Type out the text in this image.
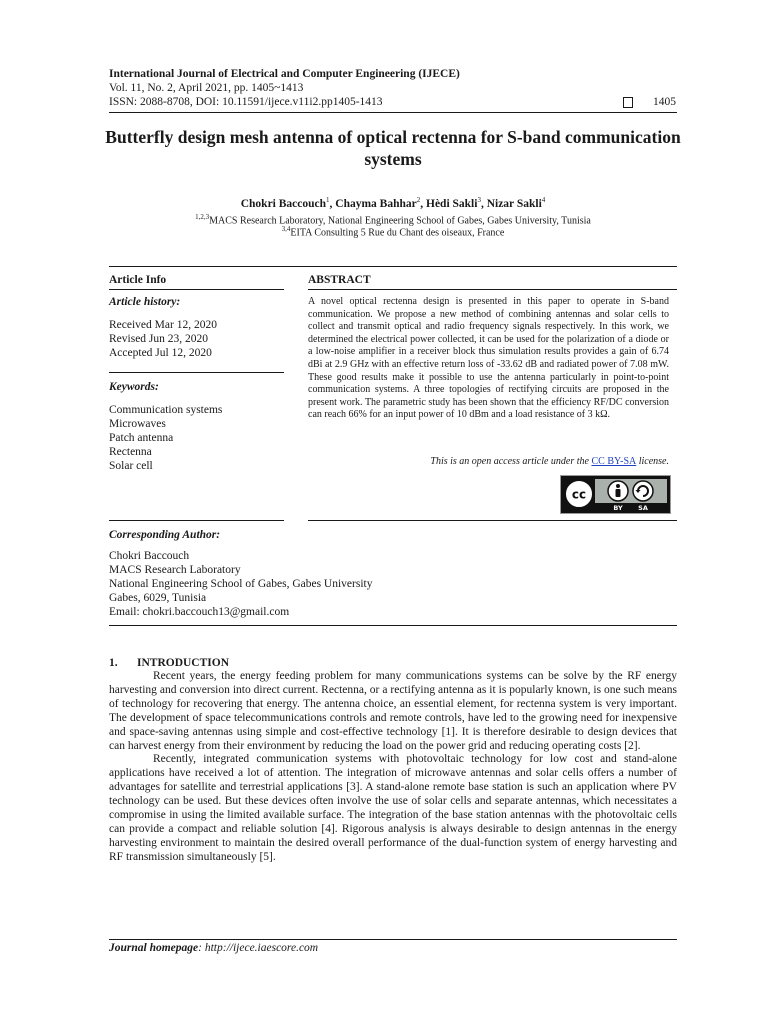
International Journal of Electrical and Computer Engineering (IJECE)
Vol. 11, No. 2, April 2021, pp. 1405~1413
ISSN: 2088-8708, DOI: 10.11591/ijece.v11i2.pp1405-1413	1405
Butterfly design mesh antenna of optical rectenna for S-band communication systems
Chokri Baccouch$^1$, Chayma Bahhar$^2$, Hèdi Sakli$^3$, Nizar Sakli$^4$
$^{1,2,3}$MACS Research Laboratory, National Engineering School of Gabes, Gabes University, Tunisia
$^{3,4}$EITA Consulting 5 Rue du Chant des oiseaux, France
Article Info	ABSTRACT
Article history:
Received Mar 12, 2020
Revised Jun 23, 2020
Accepted Jul 12, 2020
Keywords:
Communication systems
Microwaves
Patch antenna
Rectenna
Solar cell
A novel optical rectenna design is presented in this paper to operate in S-band communication. We propose a new method of combining antennas and solar cells to collect and transmit optical and radio frequency signals respectively. In this work, we determined the electrical power collected, it can be used for the polarization of a diode or a low-noise amplifier in a receiver block thus simulation results provides a gain of 6.74 dBi at 2.9 GHz with an effective return loss of -33.62 dB and radiated power of 7.08 mW. These good results make it possible to use the antenna particularly in point-to-point communication systems. A three topologies of rectifying circuits are proposed in the present work. The parametric study has been shown that the efficiency RF/DC conversion can reach 66% for an input power of 10 dBm and a load resistance of 3 kΩ.
This is an open access article under the CC BY-SA license.
cc
BY SA
Corresponding Author:
Chokri Baccouch
MACS Research Laboratory
National Engineering School of Gabes, Gabes University
Gabes, 6029, Tunisia
Email: chokri.baccouch13@gmail.com
1. INTRODUCTION

Recent years, the energy feeding problem for many communications systems can be solve by the RF energy harvesting and conversion into direct current. Rectenna, or a rectifying antenna as it is popularly known, is one such means of technology for recovering that energy. The antenna choice, an essential element, for rectenna system is very important. The development of space telecommunications controls and remote controls, have led to the growing need for inexpensive and space-saving antennas using simple and cost-effective technology [1]. It is therefore desirable to design devices that can harvest energy from their environment by reducing the load on the power grid and reducing operating costs [2].

Recently, integrated communication systems with photovoltaic technology for low cost and stand-alone applications have received a lot of attention. The integration of microwave antennas and solar cells offers a number of advantages for satellite and terrestrial applications [3]. A stand-alone remote base station is such an application where PV technology can be used. But these devices often involve the use of solar cells and separate antennas, which necessitates a compromise in using the limited available surface. The integration of the base station antennas with the photovoltaic cells can provide a compact and reliable solution [4]. Rigorous analysis is always desirable to design antennas in the energy harvesting environment to maintain the desired overall performance of the dual-function system of energy harvesting and RF transmission simultaneously [5].

Journal homepage: http://ijece.iaescore.com
